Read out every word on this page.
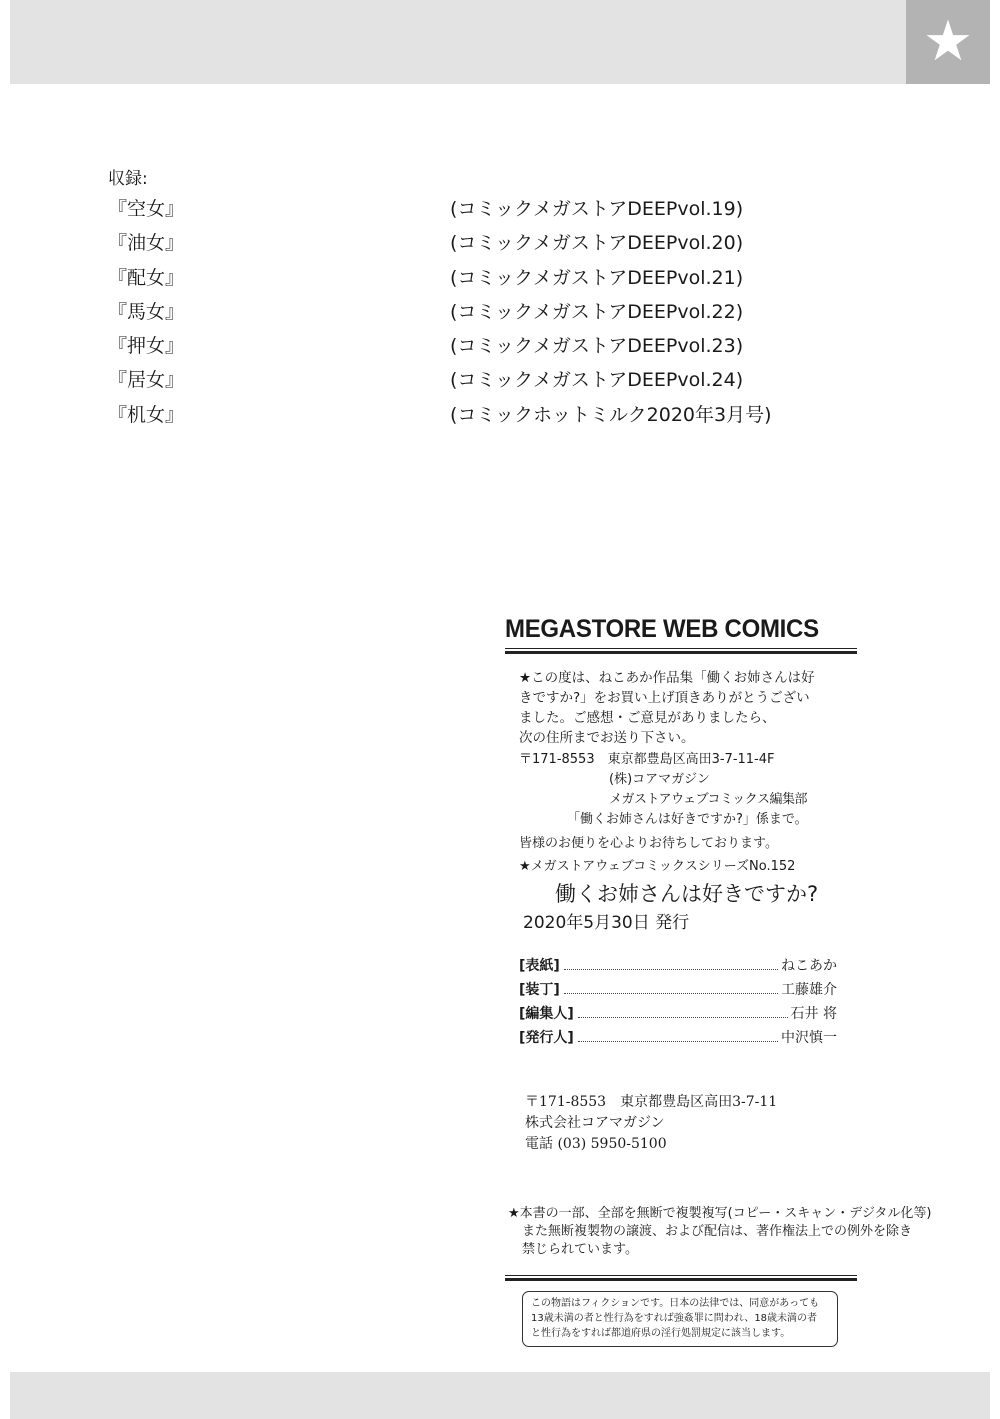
★
収録:
『空女』	(コミックメガストアDEEPvol.19)
『油女』	(コミックメガストアDEEPvol.20)
『配女』	(コミックメガストアDEEPvol.21)
『馬女』	(コミックメガストアDEEPvol.22)
『押女』	(コミックメガストアDEEPvol.23)
『居女』	(コミックメガストアDEEPvol.24)
『机女』	(コミックホットミルク2020年3月号)
MEGASTORE WEB COMICS
★この度は、ねこあか作品集「働くお姉さんは好
きですか?」をお買い上げ頂きありがとうござい
ました。ご感想・ご意見がありましたら、
次の住所までお送り下さい。
〒171-8553　東京都豊島区高田3-7-11-4F
(株)コアマガジン
メガストアウェブコミックス編集部
「働くお姉さんは好きですか?」係まで。
皆様のお便りを心よりお待ちしております。
★メガストアウェブコミックスシリーズNo.152
働くお姉さんは好きですか?
2020年5月30日 発行
[表紙]	ねこあか
[装丁]	工藤雄介
[編集人]	石井 将
[発行人]	中沢慎一
〒171-8553　東京都豊島区高田3-7-11
株式会社コアマガジン
電話 (03) 5950-5100
★本書の一部、全部を無断で複製複写(コピー・スキャン・デジタル化等)
また無断複製物の譲渡、および配信は、著作権法上での例外を除き
禁じられています。
この物語はフィクションです。日本の法律では、同意があっても
13歳未満の者と性行為をすれば強姦罪に問われ、18歳未満の者
と性行為をすれば都道府県の淫行処罰規定に該当します。
